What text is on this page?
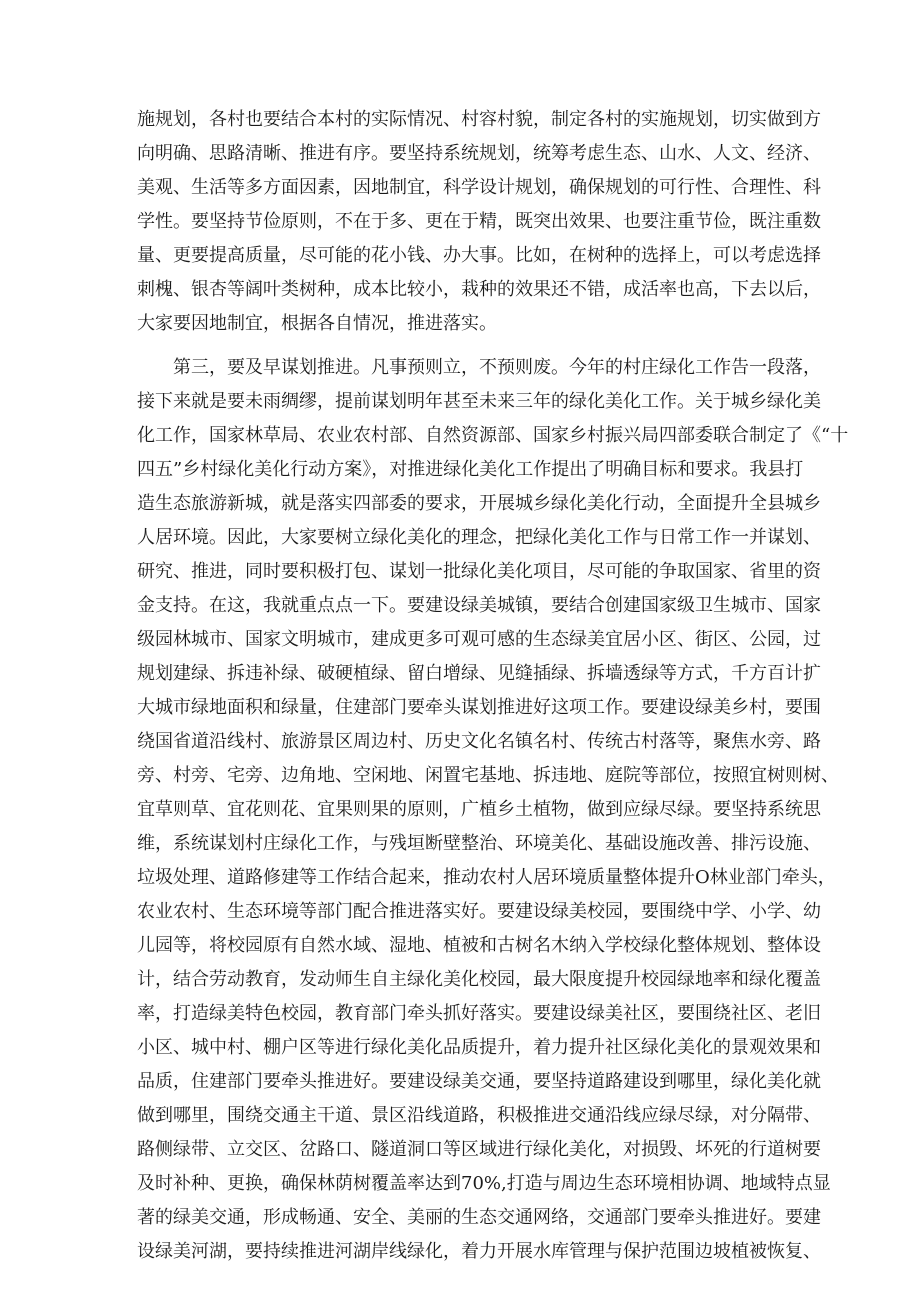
施规划，各村也要结合本村的实际情况、村容村貌，制定各村的实施规划，切实做到方
向明确、思路清晰、推进有序。要坚持系统规划，统筹考虑生态、山水、人文、经济、
美观、生活等多方面因素，因地制宜，科学设计规划，确保规划的可行性、合理性、科
学性。要坚持节俭原则，不在于多、更在于精，既突出效果、也要注重节俭，既注重数
量、更要提高质量，尽可能的花小钱、办大事。比如，在树种的选择上，可以考虑选择
刺槐、银杏等阔叶类树种，成本比较小，栽种的效果还不错，成活率也高，下去以后，
大家要因地制宜，根据各自情况，推进落实。
第三，要及早谋划推进。凡事预则立，不预则废。今年的村庄绿化工作告一段落，
接下来就是要未雨绸缪，提前谋划明年甚至未来三年的绿化美化工作。关于城乡绿化美
化工作，国家林草局、农业农村部、自然资源部、国家乡村振兴局四部委联合制定了《“十
四五”乡村绿化美化行动方案》，对推进绿化美化工作提出了明确目标和要求。我县打
造生态旅游新城，就是落实四部委的要求，开展城乡绿化美化行动，全面提升全县城乡
人居环境。因此，大家要树立绿化美化的理念，把绿化美化工作与日常工作一并谋划、
研究、推进，同时要积极打包、谋划一批绿化美化项目，尽可能的争取国家、省里的资
金支持。在这，我就重点点一下。要建设绿美城镇，要结合创建国家级卫生城市、国家
级园林城市、国家文明城市，建成更多可观可感的生态绿美宜居小区、街区、公园，过
规划建绿、拆违补绿、破硬植绿、留白增绿、见缝插绿、拆墙透绿等方式，千方百计扩
大城市绿地面积和绿量，住建部门要牵头谋划推进好这项工作。要建设绿美乡村，要围
绕国省道沿线村、旅游景区周边村、历史文化名镇名村、传统古村落等，聚焦水旁、路
旁、村旁、宅旁、边角地、空闲地、闲置宅基地、拆违地、庭院等部位，按照宜树则树、
宜草则草、宜花则花、宜果则果的原则，广植乡土植物，做到应绿尽绿。要坚持系统思
维，系统谋划村庄绿化工作，与残垣断壁整治、环境美化、基础设施改善、排污设施、
垃圾处理、道路修建等工作结合起来，推动农村人居环境质量整体提升O林业部门牵头，
农业农村、生态环境等部门配合推进落实好。要建设绿美校园，要围绕中学、小学、幼
儿园等，将校园原有自然水域、湿地、植被和古树名木纳入学校绿化整体规划、整体设
计，结合劳动教育，发动师生自主绿化美化校园，最大限度提升校园绿地率和绿化覆盖
率，打造绿美特色校园，教育部门牵头抓好落实。要建设绿美社区，要围绕社区、老旧
小区、城中村、棚户区等进行绿化美化品质提升，着力提升社区绿化美化的景观效果和
品质，住建部门要牵头推进好。要建设绿美交通，要坚持道路建设到哪里，绿化美化就
做到哪里，围绕交通主干道、景区沿线道路，积极推进交通沿线应绿尽绿，对分隔带、
路侧绿带、立交区、岔路口、隧道洞口等区域进行绿化美化，对损毁、坏死的行道树要
及时补种、更换，确保林荫树覆盖率达到70%,打造与周边生态环境相协调、地域特点显
著的绿美交通，形成畅通、安全、美丽的生态交通网络，交通部门要牵头推进好。要建
设绿美河湖，要持续推进河湖岸线绿化，着力开展水库管理与保护范围边坡植被恢复、
